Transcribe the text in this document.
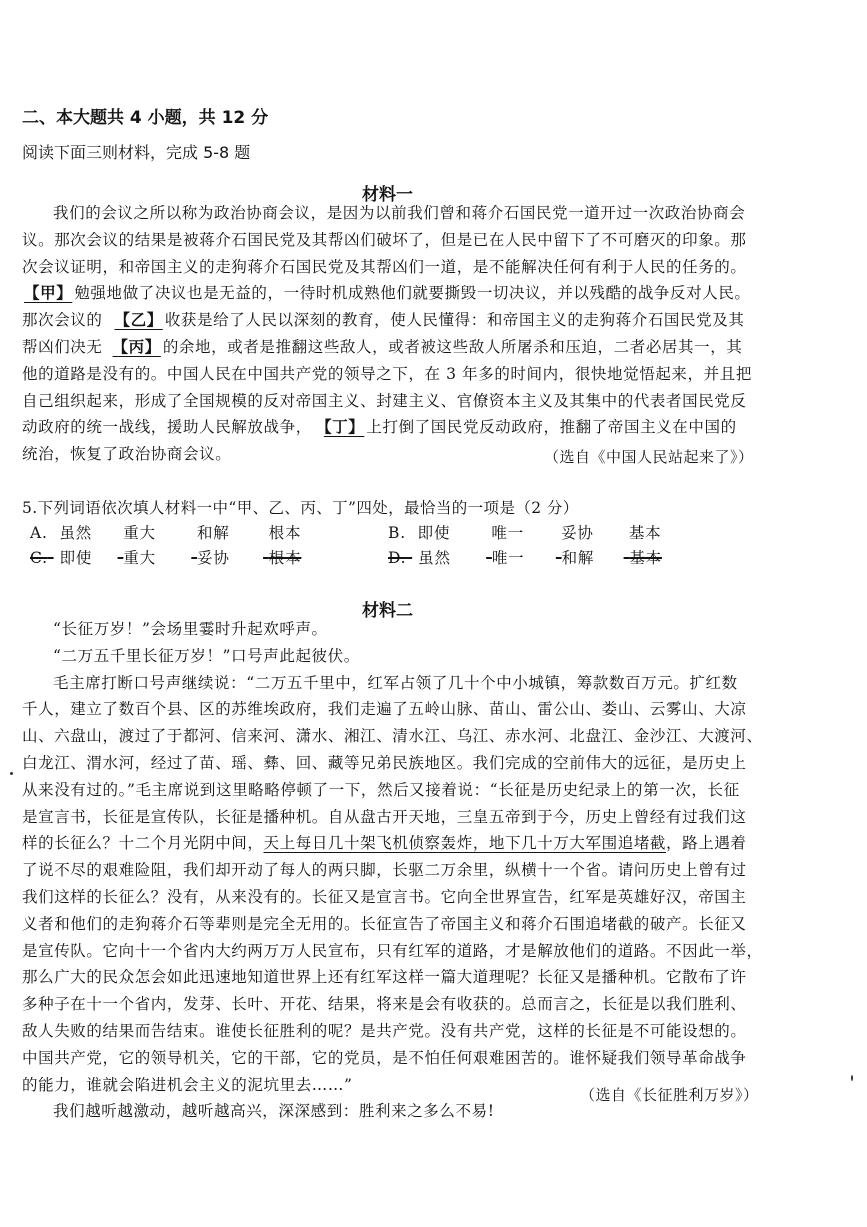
二、本大题共 4 小题，共 12 分
阅读下面三则材料，完成 5-8 题
材料一
我们的会议之所以称为政治协商会议，是因为以前我们曾和蒋介石国民党一道开过一次政治协商会
议。那次会议的结果是被蒋介石国民党及其帮凶们破坏了，但是已在人民中留下了不可磨灭的印象。那
次会议证明，和帝国主义的走狗蒋介石国民党及其帮凶们一道，是不能解决任何有利于人民的任务的。
【甲】 勉强地做了决议也是无益的，一待时机成熟他们就要撕毁一切决议，并以残酷的战争反对人民。
那次会议的 【乙】 收获是给了人民以深刻的教育，使人民懂得：和帝国主义的走狗蒋介石国民党及其
帮凶们决无 【丙】 的余地，或者是推翻这些敌人，或者被这些敌人所屠杀和压迫，二者必居其一，其
他的道路是没有的。中国人民在中国共产党的领导之下，在 3 年多的时间内，很快地觉悟起来，并且把
自己组织起来，形成了全国规模的反对帝国主义、封建主义、官僚资本主义及其集中的代表者国民党反
动政府的统一战线，援助人民解放战争， 【丁】 上打倒了国民党反动政府，推翻了帝国主义在中国的
统治，恢复了政治协商会议。	（选自《中国人民站起来了》）
5.下列词语依次填人材料一中“甲、乙、丙、丁”四处，最恰当的一项是（2 分）
A. 虽然 重大	和解	根本	B. 即使	唯一 妥协 基本
C. 即使 重大	妥协	根本	D. 虽然	唯一 和解 基本
材料二
“长征万岁！”会场里霎时升起欢呼声。
“二万五千里长征万岁！”口号声此起彼伏。
毛主席打断口号声继续说：“二万五千里中，红军占领了几十个中小城镇，筹款数百万元。扩红数
千人，建立了数百个县、区的苏维埃政府，我们走遍了五岭山脉、苗山、雷公山、娄山、云雾山、大凉
山、六盘山，渡过了于都河、信来河、潇水、湘江、清水江、乌江、赤水河、北盘江、金沙江、大渡河、
白龙江、渭水河，经过了苗、瑶、彝、回、藏等兄弟民族地区。我们完成的空前伟大的远征，是历史上
从来没有过的。”毛主席说到这里略略停顿了一下，然后又接着说：“长征是历史纪录上的第一次，长征
是宣言书，长征是宣传队，长征是播种机。自从盘古开天地，三皇五帝到于今，历史上曾经有过我们这
样的长征么？十二个月光阴中间，天上每日几十架飞机侦察轰炸，地下几十万大军围追堵截，路上遇着
了说不尽的艰难险阻，我们却开动了每人的两只脚，长驱二万余里，纵横十一个省。请问历史上曾有过
我们这样的长征么？没有，从来没有的。长征又是宣言书。它向全世界宣告，红军是英雄好汉，帝国主
义者和他们的走狗蒋介石等辈则是完全无用的。长征宣告了帝国主义和蒋介石围追堵截的破产。长征又
是宣传队。它向十一个省内大约两万万人民宣布，只有红军的道路，才是解放他们的道路。不因此一举，
那么广大的民众怎会如此迅速地知道世界上还有红军这样一篇大道理呢？长征又是播种机。它散布了许
多种子在十一个省内，发芽、长叶、开花、结果，将来是会有收获的。总而言之，长征是以我们胜利、
敌人失败的结果而告结束。谁使长征胜利的呢？是共产党。没有共产党，这样的长征是不可能设想的。
中国共产党，它的领导机关，它的干部，它的党员，是不怕任何艰难困苦的。谁怀疑我们领导革命战争
的能力，谁就会陷进机会主义的泥坑里去……”
我们越听越激动，越听越高兴，深深感到：胜利来之多么不易!
（选自《长征胜利万岁》）
